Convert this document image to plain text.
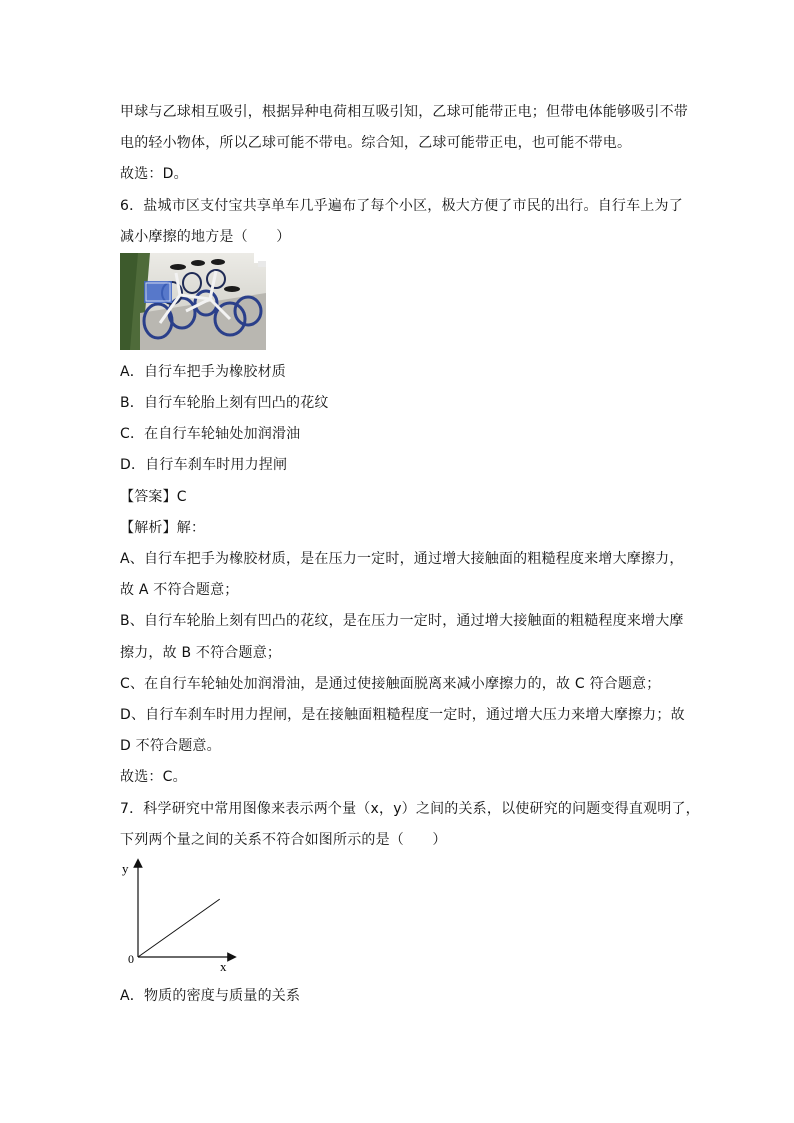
甲球与乙球相互吸引，根据异种电荷相互吸引知，乙球可能带正电；但带电体能够吸引不带
电的轻小物体，所以乙球可能不带电。综合知，乙球可能带正电，也可能不带电。
故选：D。
6．盐城市区支付宝共享单车几乎遍布了每个小区，极大方便了市民的出行。自行车上为了
减小摩擦的地方是（　　）
A．自行车把手为橡胶材质
B．自行车轮胎上刻有凹凸的花纹
C．在自行车轮轴处加润滑油
D．自行车刹车时用力捏闸
【答案】C
【解析】解：
A、自行车把手为橡胶材质，是在压力一定时，通过增大接触面的粗糙程度来增大摩擦力，
故 A 不符合题意；
B、自行车轮胎上刻有凹凸的花纹，是在压力一定时，通过增大接触面的粗糙程度来增大摩
擦力，故 B 不符合题意；
C、在自行车轮轴处加润滑油，是通过使接触面脱离来减小摩擦力的，故 C 符合题意；
D、自行车刹车时用力捏闸，是在接触面粗糙程度一定时，通过增大压力来增大摩擦力；故
D 不符合题意。
故选：C。
7．科学研究中常用图像来表示两个量（x，y）之间的关系，以使研究的问题变得直观明了，
下列两个量之间的关系不符合如图所示的是（　　）
y
x
0
A．物质的密度与质量的关系
